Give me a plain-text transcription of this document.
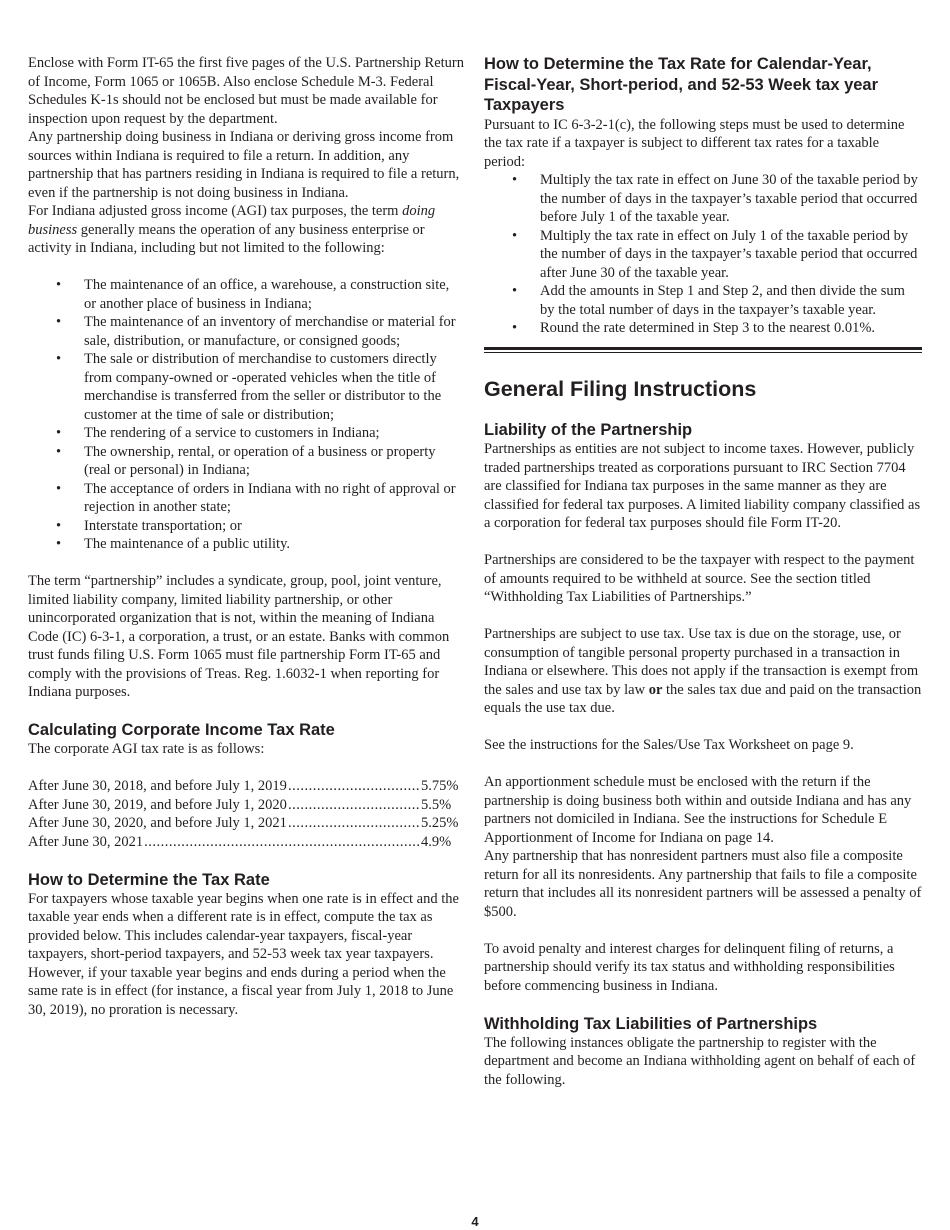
Enclose with Form IT-65 the first five pages of the U.S. Partnership Return of Income, Form 1065 or 1065B. Also enclose Schedule M-3. Federal Schedules K-1s should not be enclosed but must be made available for inspection upon request by the department.

Any partnership doing business in Indiana or deriving gross income from sources within Indiana is required to file a return. In addition, any partnership that has partners residing in Indiana is required to file a return, even if the partnership is not doing business in Indiana.

For Indiana adjusted gross income (AGI) tax purposes, the term doing business generally means the operation of any business enterprise or activity in Indiana, including but not limited to the following:

• The maintenance of an office, a warehouse, a construction site, or another place of business in Indiana;
• The maintenance of an inventory of merchandise or material for sale, distribution, or manufacture, or consigned goods;
• The sale or distribution of merchandise to customers directly from company-owned or -operated vehicles when the title of merchandise is transferred from the seller or distributor to the customer at the time of sale or distribution;
• The rendering of a service to customers in Indiana;
• The ownership, rental, or operation of a business or property (real or personal) in Indiana;
• The acceptance of orders in Indiana with no right of approval or rejection in another state;
• Interstate transportation; or
• The maintenance of a public utility.

The term “partnership” includes a syndicate, group, pool, joint venture, limited liability company, limited liability partnership, or other unincorporated organization that is not, within the meaning of Indiana Code (IC) 6-3-1, a corporation, a trust, or an estate. Banks with common trust funds filing U.S. Form 1065 must file partnership Form IT-65 and comply with the provisions of Treas. Reg. 1.6032-1 when reporting for Indiana purposes.

Calculating Corporate Income Tax Rate

The corporate AGI tax rate is as follows:

After June 30, 2018, and before July 1, 2019 .....	5.75%
After June 30, 2019, and before July 1, 2020 .....	5.5%
After June 30, 2020, and before July 1, 2021 .....	5.25%
After June 30, 2021 .....	4.9%
How to Determine the Tax Rate

For taxpayers whose taxable year begins when one rate is in effect and the taxable year ends when a different rate is in effect, compute the tax as provided below. This includes calendar-year taxpayers, fiscal-year taxpayers, short-period taxpayers, and 52-53 week tax year taxpayers. However, if your taxable year begins and ends during a period when the same rate is in effect (for instance, a fiscal year from July 1, 2018 to June 30, 2019), no proration is necessary.

How to Determine the Tax Rate for Calendar-Year, Fiscal-Year, Short-period, and 52-53 Week tax year Taxpayers

Pursuant to IC 6-3-2-1(c), the following steps must be used to determine the tax rate if a taxpayer is subject to different tax rates for a taxable period:

• Multiply the tax rate in effect on June 30 of the taxable period by the number of days in the taxpayer’s taxable period that occurred before July 1 of the taxable year.
• Multiply the tax rate in effect on July 1 of the taxable period by the number of days in the taxpayer’s taxable period that occurred after June 30 of the taxable year.
• Add the amounts in Step 1 and Step 2, and then divide the sum by the total number of days in the taxpayer’s taxable year.
• Round the rate determined in Step 3 to the nearest 0.01%.
General Filing Instructions
Liability of the Partnership

Partnerships as entities are not subject to income taxes. However, publicly traded partnerships treated as corporations pursuant to IRC Section 7704 are classified for Indiana tax purposes in the same manner as they are classified for federal tax purposes. A limited liability company classified as a corporation for federal tax purposes should file Form IT-20.

Partnerships are considered to be the taxpayer with respect to the payment of amounts required to be withheld at source. See the section titled “Withholding Tax Liabilities of Partnerships.”

Partnerships are subject to use tax. Use tax is due on the storage, use, or consumption of tangible personal property purchased in a transaction in Indiana or elsewhere. This does not apply if the transaction is exempt from the sales and use tax by law or the sales tax due and paid on the transaction equals the use tax due.

See the instructions for the Sales/Use Tax Worksheet on page 9.

An apportionment schedule must be enclosed with the return if the partnership is doing business both within and outside Indiana and has any partners not domiciled in Indiana. See the instructions for Schedule E Apportionment of Income for Indiana on page 14.

Any partnership that has nonresident partners must also file a composite return for all its nonresidents. Any partnership that fails to file a composite return that includes all its nonresident partners will be assessed a penalty of $500.

To avoid penalty and interest charges for delinquent filing of returns, a partnership should verify its tax status and withholding responsibilities before commencing business in Indiana.

Withholding Tax Liabilities of Partnerships

The following instances obligate the partnership to register with the department and become an Indiana withholding agent on behalf of each of the following.

4
